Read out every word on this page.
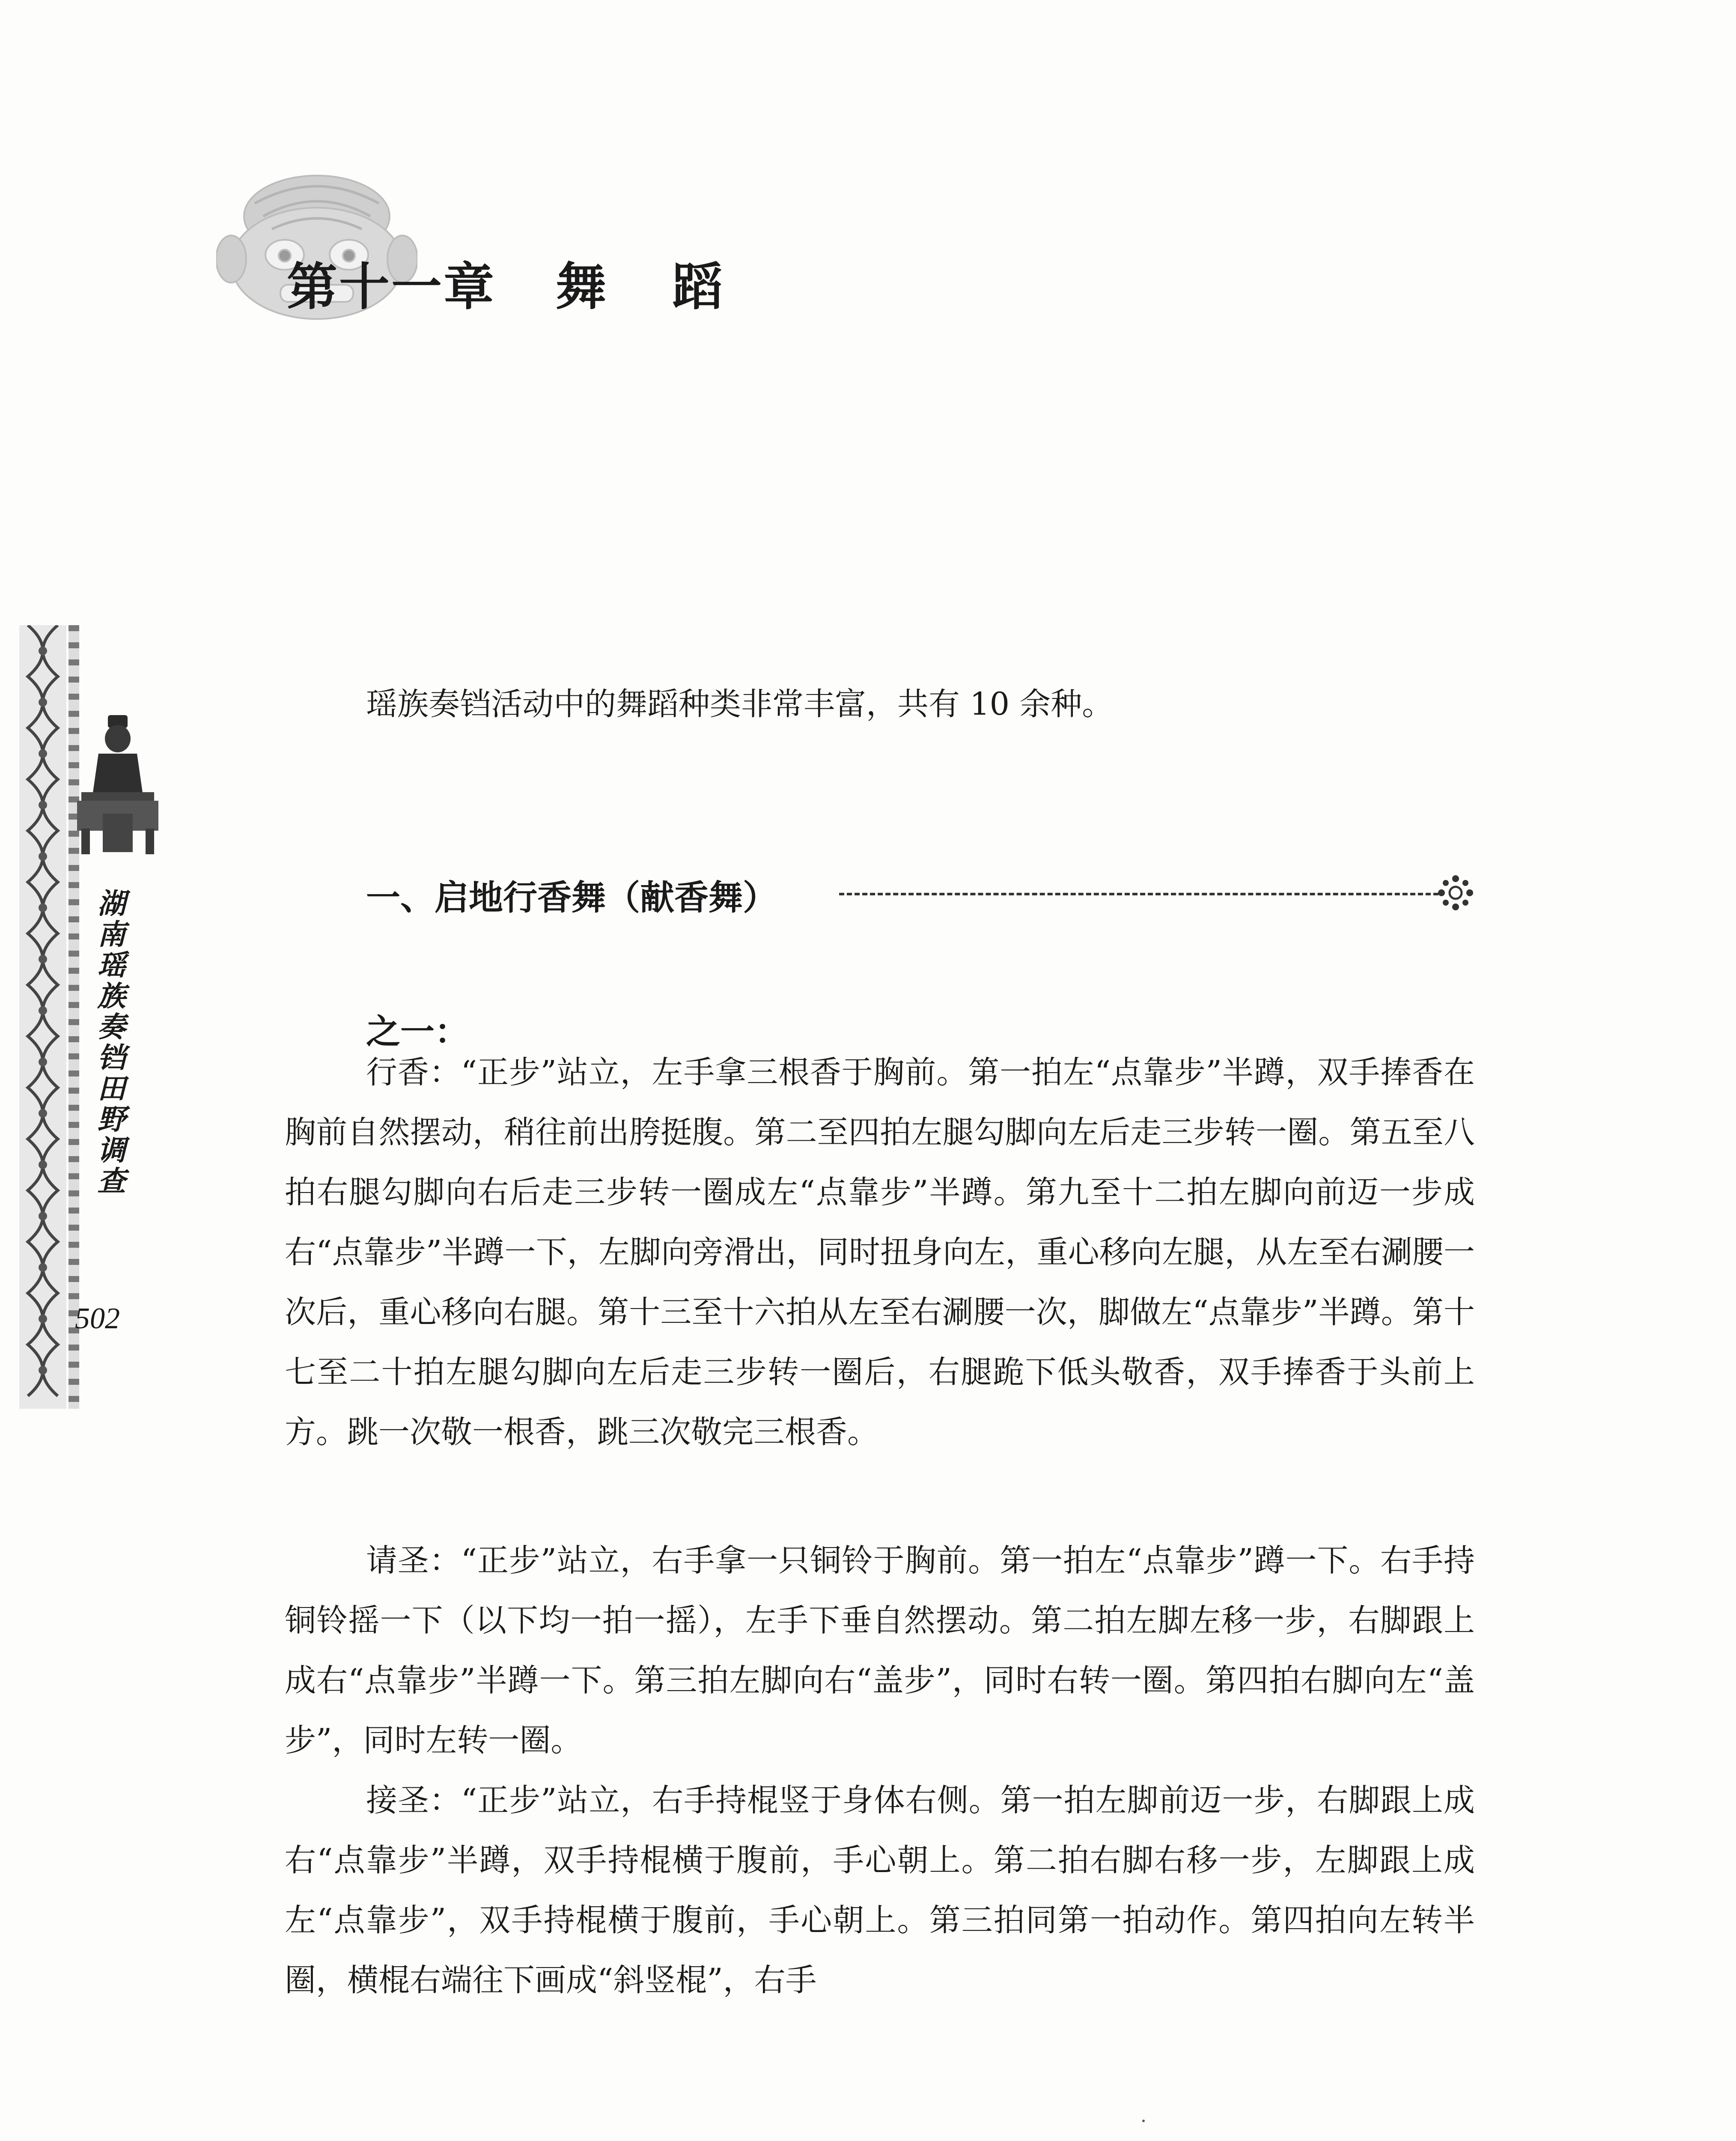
第十一章 舞 蹈
湖南瑶族奏铛田野调查
502
瑶族奏铛活动中的舞蹈种类非常丰富，共有 10 余种。
一、启地行香舞（献香舞）
之一：
行香：“正步”站立，左手拿三根香于胸前。第一拍左“点靠步”半蹲，双手捧香在胸前自然摆动，稍往前出胯挺腹。第二至四拍左腿勾脚向左后走三步转一圈。第五至八拍右腿勾脚向右后走三步转一圈成左“点靠步”半蹲。第九至十二拍左脚向前迈一步成右“点靠步”半蹲一下，左脚向旁滑出，同时扭身向左，重心移向左腿，从左至右涮腰一次后，重心移向右腿。第十三至十六拍从左至右涮腰一次，脚做左“点靠步”半蹲。第十七至二十拍左腿勾脚向左后走三步转一圈后，右腿跪下低头敬香，双手捧香于头前上方。跳一次敬一根香，跳三次敬完三根香。
请圣：“正步”站立，右手拿一只铜铃于胸前。第一拍左“点靠步”蹲一下。右手持铜铃摇一下（以下均一拍一摇），左手下垂自然摆动。第二拍左脚左移一步，右脚跟上成右“点靠步”半蹲一下。第三拍左脚向右“盖步”，同时右转一圈。第四拍右脚向左“盖步”，同时左转一圈。
接圣：“正步”站立，右手持棍竖于身体右侧。第一拍左脚前迈一步，右脚跟上成右“点靠步”半蹲，双手持棍横于腹前，手心朝上。第二拍右脚右移一步，左脚跟上成左“点靠步”，双手持棍横于腹前，手心朝上。第三拍同第一拍动作。第四拍向左转半圈，横棍右端往下画成“斜竖棍”，右手
